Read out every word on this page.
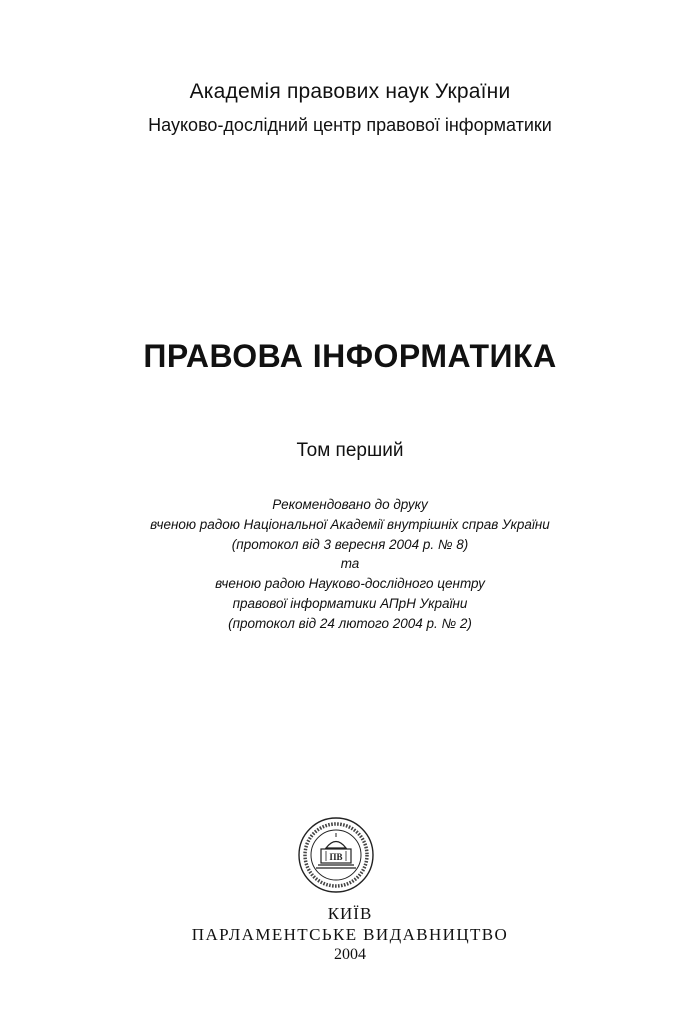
Академія правових наук України
Науково-дослідний центр правової інформатики
ПРАВОВА ІНФОРМАТИКА
Том перший
Рекомендовано до друку
вченою радою Національної Академії внутрішніх справ України
(протокол від 3 вересня 2004 р. № 8)
та
вченою радою Науково-дослідного центру
правової інформатики АПрН України
(протокол від 24 лютого 2004 р. № 2)
ПВ
КИЇВ
ПАРЛАМЕНТСЬКЕ ВИДАВНИЦТВО
2004
